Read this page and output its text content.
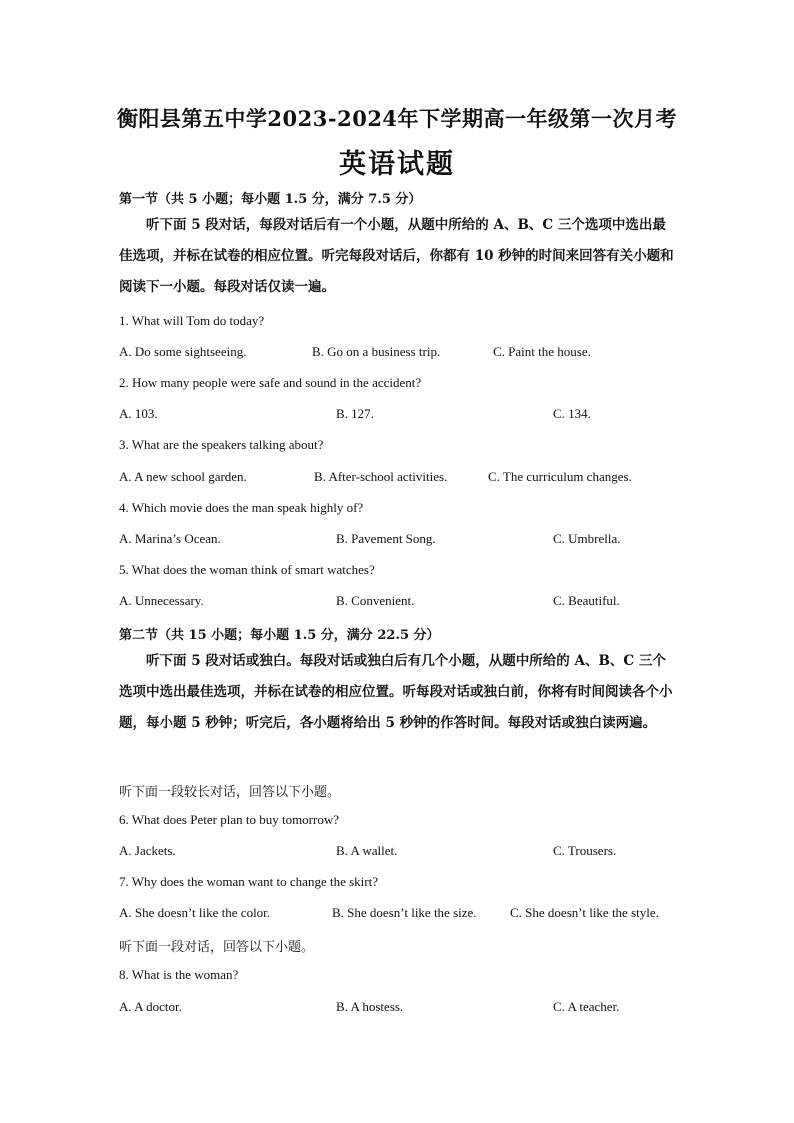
衡阳县第五中学2023-2024年下学期高一年级第一次月考
英语试题
第一节（共 5 小题；每小题 1.5 分，满分 7.5 分）
听下面 5 段对话，每段对话后有一个小题，从题中所给的 A、B、C 三个选项中选出最佳选项，并标在试卷的相应位置。听完每段对话后，你都有 10 秒钟的时间来回答有关小题和阅读下一小题。每段对话仅读一遍。
1. What will Tom do today?
A. Do some sightseeing.	B. Go on a business trip.	C. Paint the house.
2. How many people were safe and sound in the accident?
A. 103.	B. 127.	C. 134.
3. What are the speakers talking about?
A. A new school garden.	B. After-school activities.	C. The curriculum changes.
4. Which movie does the man speak highly of?
A. Marina’s Ocean.	B. Pavement Song.	C. Umbrella.
5. What does the woman think of smart watches?
A. Unnecessary.	B. Convenient.	C. Beautiful.
第二节（共 15 小题；每小题 1.5 分，满分 22.5 分）
听下面 5 段对话或独白。每段对话或独白后有几个小题，从题中所给的 A、B、C 三个选项中选出最佳选项，并标在试卷的相应位置。听每段对话或独白前，你将有时间阅读各个小题，每小题 5 秒钟；听完后，各小题将给出 5 秒钟的作答时间。每段对话或独白读两遍。
听下面一段较长对话，回答以下小题。
6. What does Peter plan to buy tomorrow?
A. Jackets.	B. A wallet.	C. Trousers.
7. Why does the woman want to change the skirt?
A. She doesn’t like the color.	B. She doesn’t like the size.	C. She doesn’t like the style.
听下面一段对话，回答以下小题。
8. What is the woman?
A. A doctor.	B. A hostess.	C. A teacher.
